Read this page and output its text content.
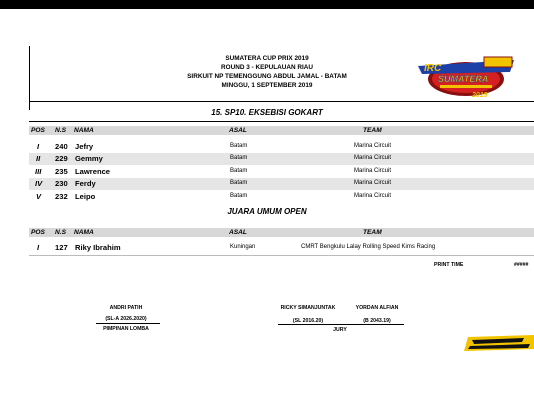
SUMATERA CUP PRIX 2019
ROUND 3 - KEPULAUAN RIAU
SIRKUIT NP TEMENGGUNG ABDUL JAMAL - BATAM
MINGGU, 1 SEPTEMBER 2019
IRC
SUMATERA
2019
15. SP10. EKSEBISI GOKART
POS N.S NAMA	ASAL	TEAM
I 240 Jefry	Batam	Marina Circuit
II 229 Gemmy	Batam	Marina Circuit
III 235 Lawrence	Batam	Marina Circuit
IV 230 Ferdy	Batam	Marina Circuit
V 232 Leipo	Batam	Marina Circuit
JUARA UMUM OPEN
POS N.S NAMA	ASAL	TEAM
I 127 Riky Ibrahim	Kuningan	CMRT Bengkulu Lalay Rolling Speed Kims Racing
PRINT TIME	#####
ANDRI PATIH
(SL-A 2026.2020)
PIMPINAN LOMBA
RICKY SIMANJUNTAK
(SL 2016.20)
YORDAN ALFIAN
(B 2043.19)
JURY
